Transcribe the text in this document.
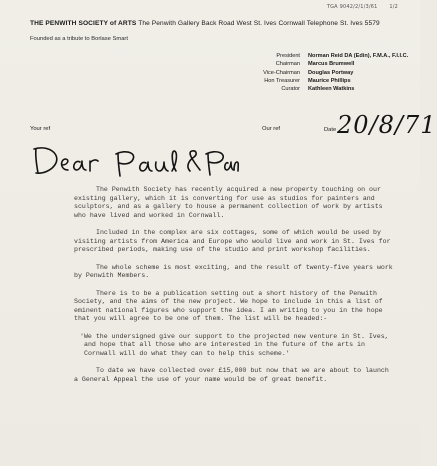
TGA 9042/2/1/3/61 1/2
THE PENWITH SOCIETY of ARTS The Penwith Gallery Back Road West St. Ives Cornwall Telephone St. Ives 5579
Founded as a tribute to Borlase Smart
President Norman Reid DA (Edin), F.M.A., F.I.I.C.
Chairman Marcus Brumwell
Vice-Chairman Douglas Portway
Hon Treasurer Maurice Phillips
Curator Kathleen Watkins
Your ref	Our ref	Date 20/8/71

The Penwith Society has recently acquired a new property touching on our existing gallery, which it is converting for use as studios for painters and sculptors, and as a gallery to house a permanent collection of work by artists who have lived and worked in Cornwall.

Included in the complex are six cottages, some of which would be used by visiting artists from America and Europe who would live and work in St. Ives for prescribed periods, making use of the studio and print workshop facilities.

The whole scheme is most exciting, and the result of twenty-five years work by Penwith Members.

There is to be a publication setting out a short history of the Penwith Society, and the aims of the new project. We hope to include in this a list of eminent national figures who support the idea. I am writing to you in the hope that you will agree to be one of them. The list will be headed:-

'We the undersigned give our support to the projected new venture in St. Ives, and hope that all those who are interested in the future of the arts in Cornwall will do what they can to help this scheme.'

To date we have collected over £15,000 but now that we are about to launch a General Appeal the use of your name would be of great benefit.
